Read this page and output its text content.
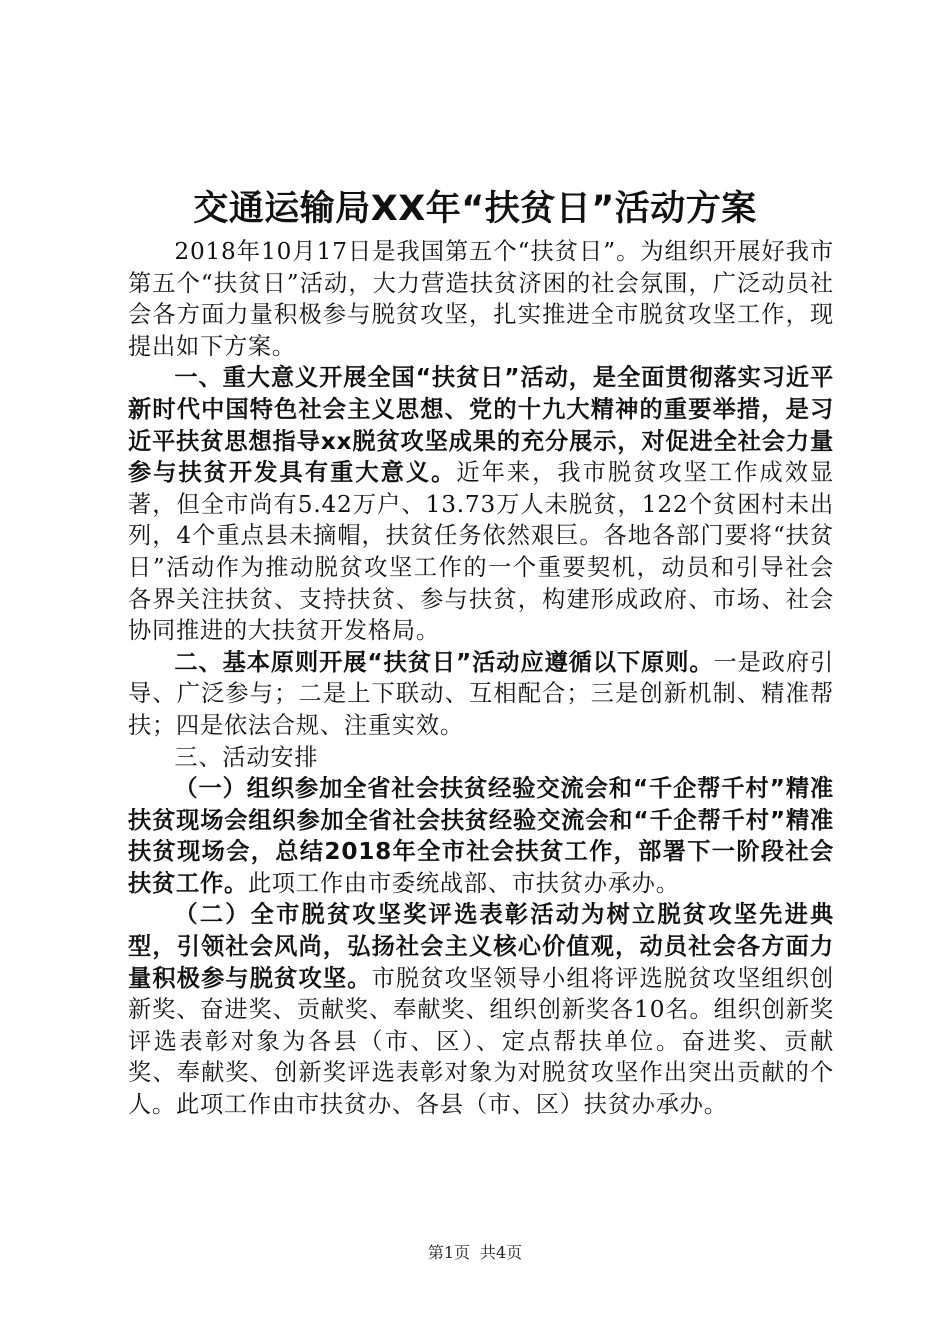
交通运输局XX年“扶贫日”活动方案

2018年10月17日是我国第五个“扶贫日”。为组织开展好我市第五个“扶贫日”活动，大力营造扶贫济困的社会氛围，广泛动员社会各方面力量积极参与脱贫攻坚，扎实推进全市脱贫攻坚工作，现提出如下方案。

一、重大意义开展全国“扶贫日”活动，是全面贯彻落实习近平新时代中国特色社会主义思想、党的十九大精神的重要举措，是习近平扶贫思想指导xx脱贫攻坚成果的充分展示，对促进全社会力量参与扶贫开发具有重大意义。近年来，我市脱贫攻坚工作成效显著，但全市尚有5.42万户、13.73万人未脱贫，122个贫困村未出列，4个重点县未摘帽，扶贫任务依然艰巨。各地各部门要将“扶贫日”活动作为推动脱贫攻坚工作的一个重要契机，动员和引导社会各界关注扶贫、支持扶贫、参与扶贫，构建形成政府、市场、社会协同推进的大扶贫开发格局。

二、基本原则开展“扶贫日”活动应遵循以下原则。一是政府引导、广泛参与；二是上下联动、互相配合；三是创新机制、精准帮扶；四是依法合规、注重实效。

三、活动安排

（一）组织参加全省社会扶贫经验交流会和“千企帮千村”精准扶贫现场会组织参加全省社会扶贫经验交流会和“千企帮千村”精准扶贫现场会，总结2018年全市社会扶贫工作，部署下一阶段社会扶贫工作。此项工作由市委统战部、市扶贫办承办。

（二）全市脱贫攻坚奖评选表彰活动为树立脱贫攻坚先进典型，引领社会风尚，弘扬社会主义核心价值观，动员社会各方面力量积极参与脱贫攻坚。市脱贫攻坚领导小组将评选脱贫攻坚组织创新奖、奋进奖、贡献奖、奉献奖、组织创新奖各10名。组织创新奖评选表彰对象为各县（市、区）、定点帮扶单位。奋进奖、贡献奖、奉献奖、创新奖评选表彰对象为对脱贫攻坚作出突出贡献的个人。此项工作由市扶贫办、各县（市、区）扶贫办承办。

第1页 共4页
